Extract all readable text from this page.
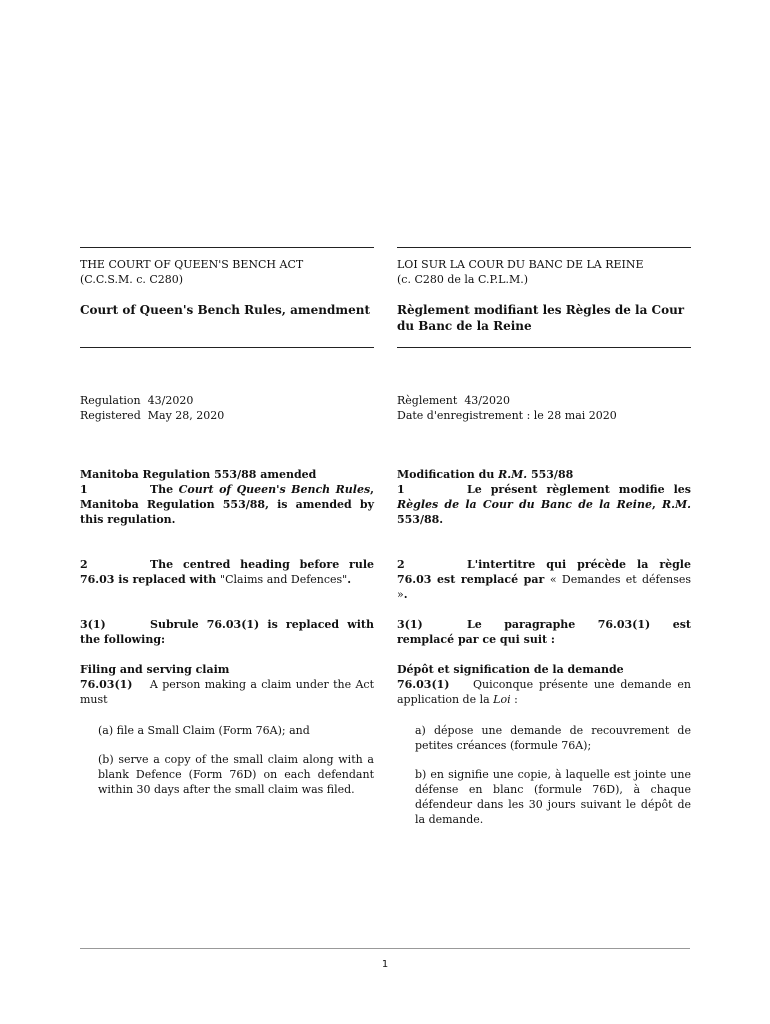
THE COURT OF QUEEN'S BENCH ACT
(C.C.S.M. c. C280)
Court of Queen's Bench Rules, amendment
Regulation 43/2020
Registered May 28, 2020
Manitoba Regulation 553/88 amended
1	The Court of Queen's Bench Rules, Manitoba Regulation 553/88, is amended by this regulation.
2	The centred heading before rule 76.03 is replaced with "Claims and Defences".
3(1)	Subrule 76.03(1) is replaced with the following:
Filing and serving claim
76.03(1) A person making a claim under the Act must
(a) file a Small Claim (Form 76A); and
(b) serve a copy of the small claim along with a blank Defence (Form 76D) on each defendant within 30 days after the small claim was filed.
LOI SUR LA COUR DU BANC DE LA REINE
(c. C280 de la C.P.L.M.)
Règlement modifiant les Règles de la Cour du Banc de la Reine
Règlement 43/2020
Date d'enregistrement : le 28 mai 2020
Modification du R.M. 553/88
1	Le présent règlement modifie les Règles de la Cour du Banc de la Reine, R.M. 553/88.
2	L'intertitre qui précède la règle 76.03 est remplacé par « Demandes et défenses ».
3(1)	Le paragraphe 76.03(1) est remplacé par ce qui suit :
Dépôt et signification de la demande
76.03(1) Quiconque présente une demande en application de la Loi :
a) dépose une demande de recouvrement de petites créances (formule 76A);
b) en signifie une copie, à laquelle est jointe une défense en blanc (formule 76D), à chaque défendeur dans les 30 jours suivant le dépôt de la demande.
1
